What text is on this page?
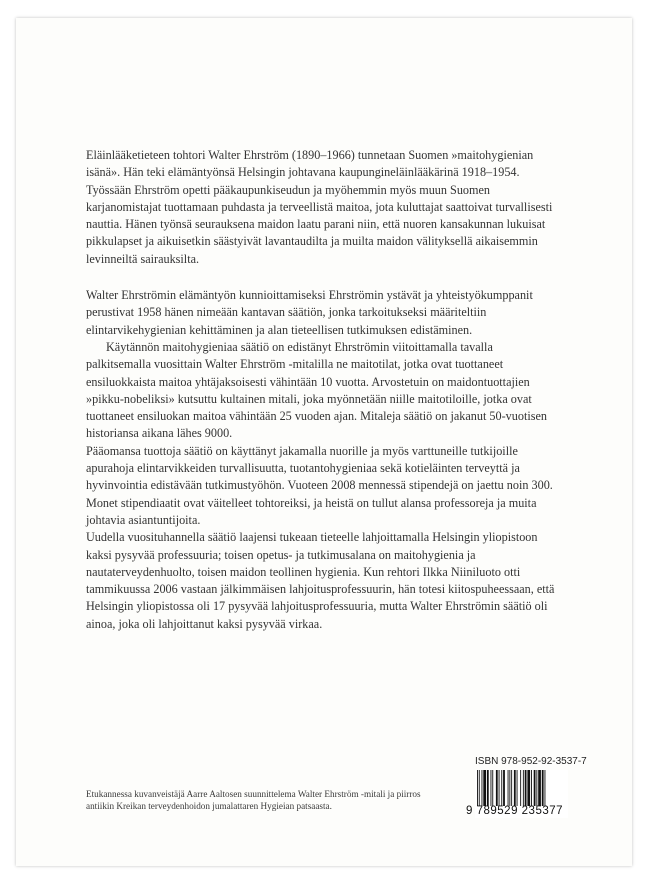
Eläinlääketieteen tohtori Walter Ehrström (1890–1966) tunnetaan Suomen »maitohygienian isänä». Hän teki elämäntyönsä Helsingin johtavana kaupungineläinlääkärinä 1918–1954. Työssään Ehrström opetti pääkaupunkiseudun ja myöhemmin myös muun Suomen karjanomistajat tuottamaan puhdasta ja terveellistä maitoa, jota kuluttajat saattoivat turvallisesti nauttia. Hänen työnsä seurauksena maidon laatu parani niin, että nuoren kansakunnan lukuisat pikkulapset ja aikuisetkin säästyivät lavantaudilta ja muilta maidon välityksellä aikaisemmin levinneiltä sairauksilta.

Walter Ehrströmin elämäntyön kunnioittamiseksi Ehrströmin ystävät ja yhteistyökumppanit perustivat 1958 hänen nimeään kantavan säätiön, jonka tarkoitukseksi määriteltiin elintarvikehygienian kehittäminen ja alan tieteellisen tutkimuksen edistäminen.

Käytännön maitohygieniaa säätiö on edistänyt Ehrströmin viitoittamalla tavalla palkitsemalla vuosittain Walter Ehrström -mitalilla ne maitotilat, jotka ovat tuottaneet ensiluokkaista maitoa yhtäjaksoisesti vähintään 10 vuotta. Arvostetuin on maidontuottajien »pikku-nobeliksi» kutsuttu kultainen mitali, joka myönnetään niille maitotiloille, jotka ovat tuottaneet ensiluokan maitoa vähintään 25 vuoden ajan. Mitaleja säätiö on jakanut 50-vuotisen historiansa aikana lähes 9000.

Pääomansa tuottoja säätiö on käyttänyt jakamalla nuorille ja myös varttuneille tutkijoille apurahoja elintarvikkeiden turvallisuutta, tuotantohygieniaa sekä kotieläinten terveyttä ja hyvinvointia edistävään tutkimustyöhön. Vuoteen 2008 mennessä stipendejä on jaettu noin 300. Monet stipendiaatit ovat väitelleet tohtoreiksi, ja heistä on tullut alansa professoreja ja muita johtavia asiantuntijoita.

Uudella vuosituhannella säätiö laajensi tukeaan tieteelle lahjoittamalla Helsingin yliopistoon kaksi pysyvää professuuria; toisen opetus- ja tutkimusalana on maitohygienia ja nautaterveydenhuolto, toisen maidon teollinen hygienia. Kun rehtori Ilkka Niiniluoto otti tammikuussa 2006 vastaan jälkimmäisen lahjoitusprofessuurin, hän totesi kiitospuheessaan, että Helsingin yliopistossa oli 17 pysyvää lahjoitusprofessuuria, mutta Walter Ehrströmin säätiö oli ainoa, joka oli lahjoittanut kaksi pysyvää virkaa.

Etukannessa kuvanveistäjä Aarre Aaltosen suunnittelema Walter Ehrström -mitali ja piirros antiikin Kreikan terveydenhoidon jumalattaren Hygieian patsaasta.
ISBN 978-952-92-3537-7
9 789529 235377
